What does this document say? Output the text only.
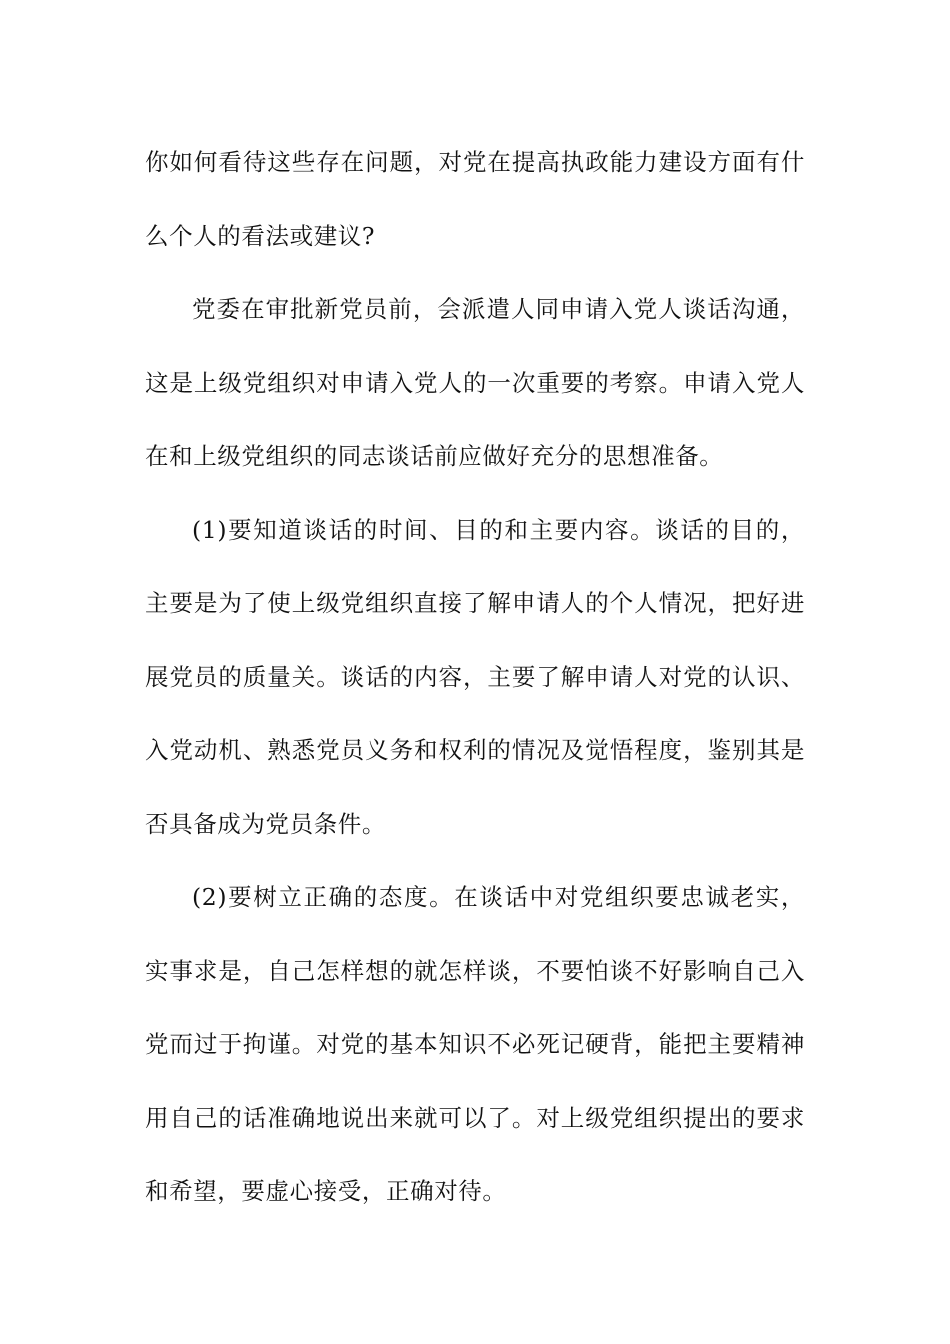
你如何看待这些存在问题，对党在提高执政能力建设方面有什么个人的看法或建议?

党委在审批新党员前，会派遣人同申请入党人谈话沟通，这是上级党组织对申请入党人的一次重要的考察。申请入党人在和上级党组织的同志谈话前应做好充分的思想准备。

(1)要知道谈话的时间、目的和主要内容。谈话的目的，主要是为了使上级党组织直接了解申请人的个人情况，把好进展党员的质量关。谈话的内容，主要了解申请人对党的认识、入党动机、熟悉党员义务和权利的情况及觉悟程度，鉴别其是否具备成为党员条件。

(2)要树立正确的态度。在谈话中对党组织要忠诚老实，实事求是，自己怎样想的就怎样谈，不要怕谈不好影响自己入党而过于拘谨。对党的基本知识不必死记硬背，能把主要精神用自己的话准确地说出来就可以了。对上级党组织提出的要求和希望，要虚心接受，正确对待。
